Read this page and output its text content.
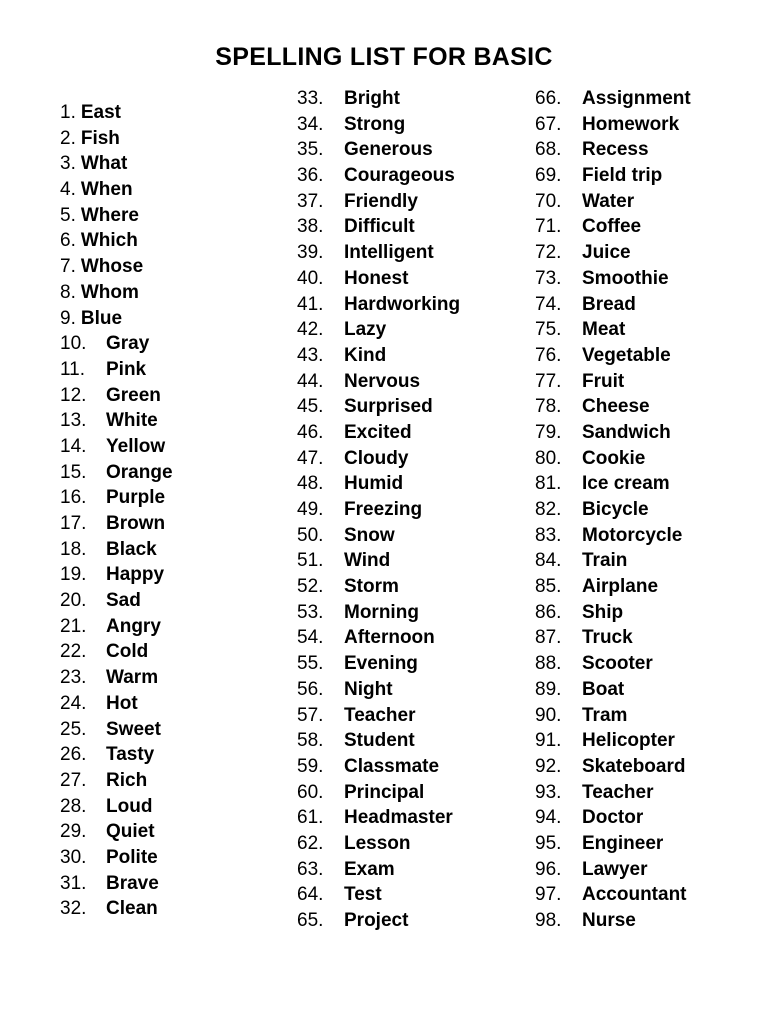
SPELLING LIST FOR BASIC
1. East
2. Fish
3. What
4. When
5. Where
6. Which
7. Whose
8. Whom
9. Blue
10. Gray
11. Pink
12. Green
13. White
14. Yellow
15. Orange
16. Purple
17. Brown
18. Black
19. Happy
20. Sad
21. Angry
22. Cold
23. Warm
24. Hot
25. Sweet
26. Tasty
27. Rich
28. Loud
29. Quiet
30. Polite
31. Brave
32. Clean
33. Bright
34. Strong
35. Generous
36. Courageous
37. Friendly
38. Difficult
39. Intelligent
40. Honest
41. Hardworking
42. Lazy
43. Kind
44. Nervous
45. Surprised
46. Excited
47. Cloudy
48. Humid
49. Freezing
50. Snow
51. Wind
52. Storm
53. Morning
54. Afternoon
55. Evening
56. Night
57. Teacher
58. Student
59. Classmate
60. Principal
61. Headmaster
62. Lesson
63. Exam
64. Test
65. Project
66. Assignment
67. Homework
68. Recess
69. Field trip
70. Water
71. Coffee
72. Juice
73. Smoothie
74. Bread
75. Meat
76. Vegetable
77. Fruit
78. Cheese
79. Sandwich
80. Cookie
81. Ice cream
82. Bicycle
83. Motorcycle
84. Train
85. Airplane
86. Ship
87. Truck
88. Scooter
89. Boat
90. Tram
91. Helicopter
92. Skateboard
93. Teacher
94. Doctor
95. Engineer
96. Lawyer
97. Accountant
98. Nurse
